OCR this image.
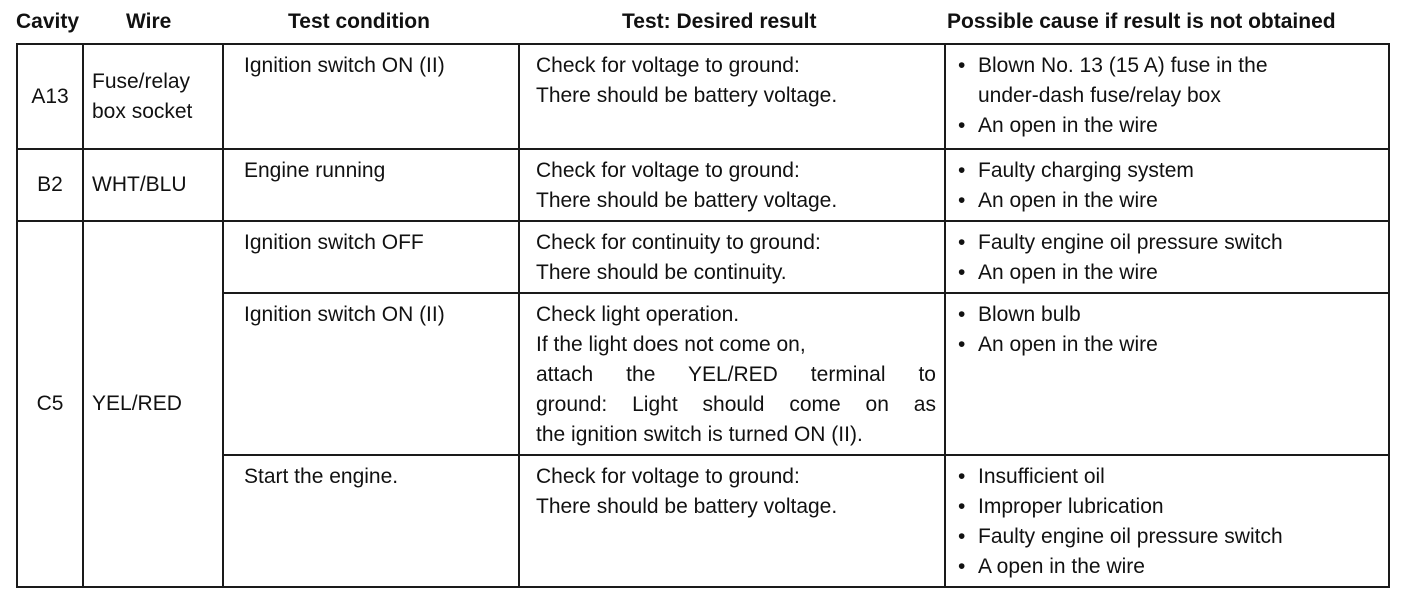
Cavity Wire	Test condition	Test: Desired result	Possible cause if result is not obtained
A13	Fuse/relay
box socket	Ignition switch ON (II)	Check for voltage to ground:
There should be battery voltage.	• Blown No. 13 (15 A) fuse in the
under-dash fuse/relay box
• An open in the wire

B2	WHT/BLU	Engine running	Check for voltage to ground:
There should be battery voltage.	• Faulty charging system
• An open in the wire

C5	YEL/RED	Ignition switch OFF	Check for continuity to ground:
There should be continuity.	• Faulty engine oil pressure switch
• An open in the wire

		Ignition switch ON (II)	Check light operation.
If the light does not come on,
attach the YEL/RED terminal to
ground: Light should come on as
the ignition switch is turned ON (II).	• Blown bulb
• An open in the wire

		Start the engine.	Check for voltage to ground:
There should be battery voltage.	• Insufficient oil
• Improper lubrication
• Faulty engine oil pressure switch
• A open in the wire
